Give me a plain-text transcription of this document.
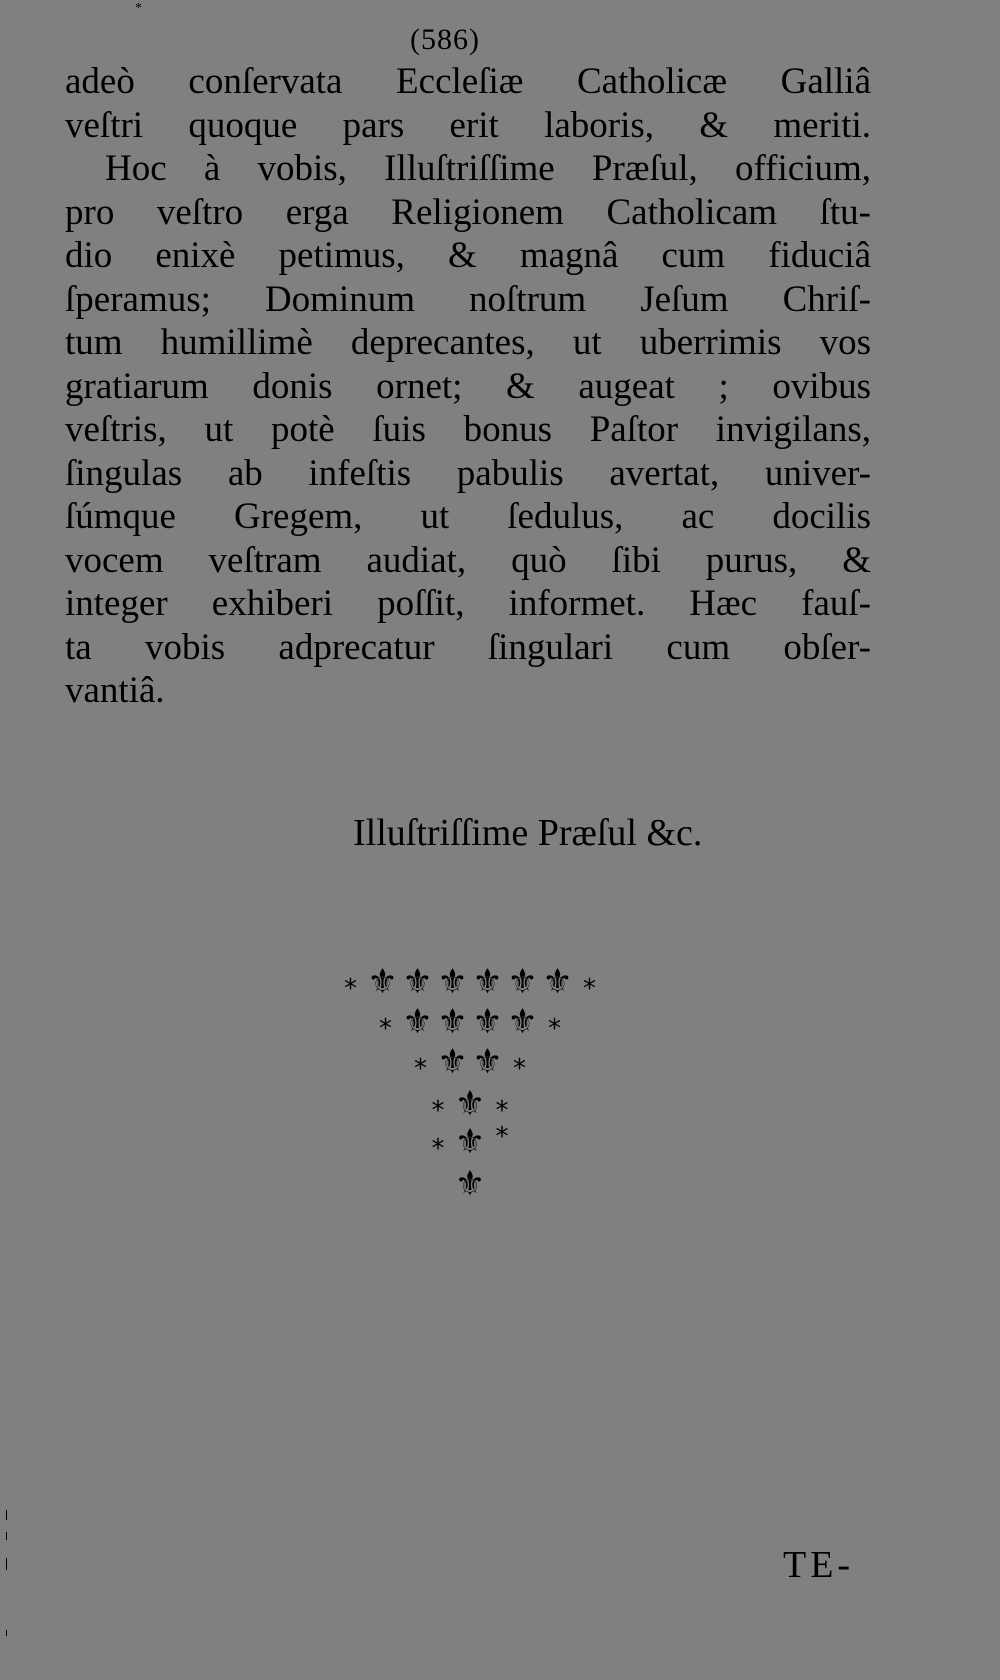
*
(586)
adeò conſervata Eccleſiæ Catholicæ Galliâ
veſtri quoque pars erit laboris, & meriti.
Hoc à vobis, Illuſtriſſime Præſul, officium,
pro veſtro erga Religionem Catholicam ſtu-
dio enixè petimus, & magnâ cum fiduciâ
ſperamus; Dominum noſtrum Jeſum Chriſ-
tum humillimè deprecantes, ut uberrimis vos
gratiarum donis ornet; & augeat ; ovibus
veſtris, ut potè ſuis bonus Paſtor invigilans,
ſingulas ab infeſtis pabulis avertat, univer-
ſúmque Gregem, ut ſedulus, ac docilis
vocem veſtram audiat, quò ſibi purus, &
integer exhiberi poſſit, informet. Hæc fauſ-
ta vobis adprecatur ſingulari cum obſer-
vantiâ.
Illuſtriſſime Præſul &c.
⚜ ⚜ ⚜ ⚜ ⚜ ⚜
*	*
⚜ ⚜ ⚜ ⚜
*	*
⚜ ⚜
*	*
⚜
* *
⚜
* *
⚜
TE-
